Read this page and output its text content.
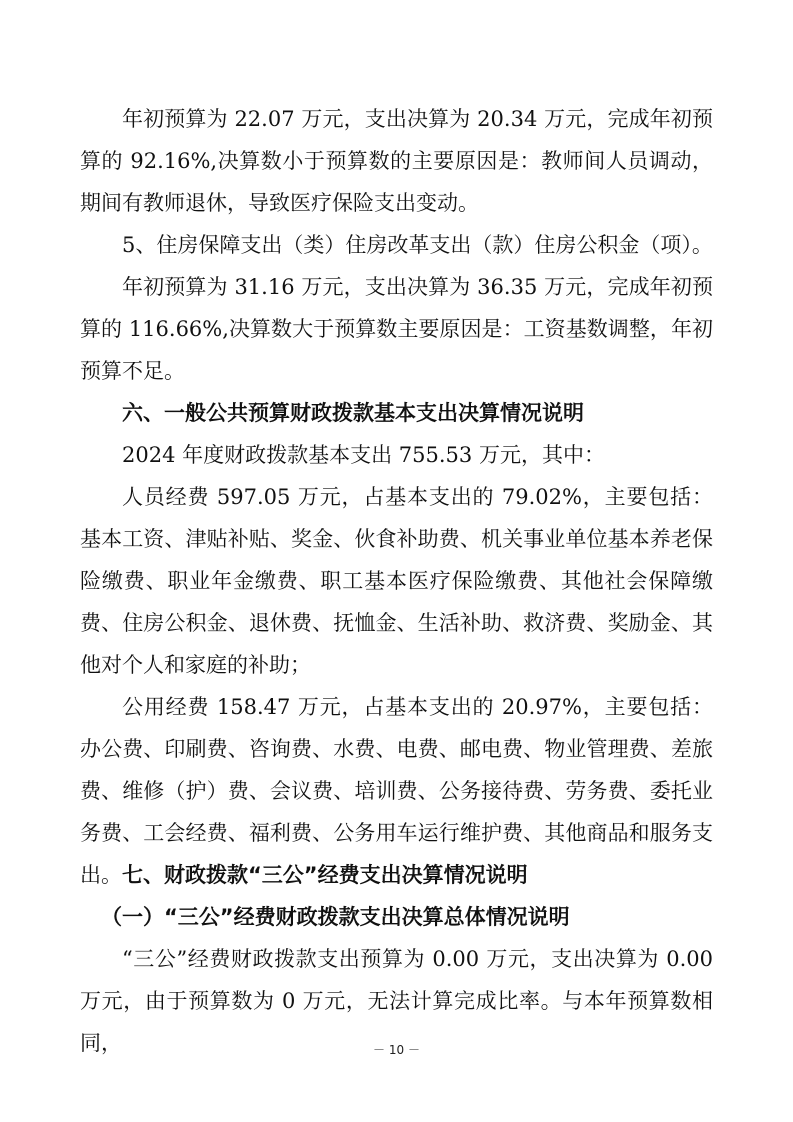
年初预算为 22.07 万元，支出决算为 20.34 万元，完成年初预算的 92.16%,决算数小于预算数的主要原因是：教师间人员调动，期间有教师退休，导致医疗保险支出变动。

5、住房保障支出（类）住房改革支出（款）住房公积金（项）。

年初预算为 31.16 万元，支出决算为 36.35 万元，完成年初预算的 116.66%,决算数大于预算数主要原因是：工资基数调整，年初预算不足。

六、一般公共预算财政拨款基本支出决算情况说明

2024 年度财政拨款基本支出 755.53 万元，其中：

人员经费 597.05 万元，占基本支出的 79.02%，主要包括：基本工资、津贴补贴、奖金、伙食补助费、机关事业单位基本养老保险缴费、职业年金缴费、职工基本医疗保险缴费、其他社会保障缴费、住房公积金、退休费、抚恤金、生活补助、救济费、奖励金、其他对个人和家庭的补助；

公用经费 158.47 万元，占基本支出的 20.97%，主要包括：办公费、印刷费、咨询费、水费、电费、邮电费、物业管理费、差旅费、维修（护）费、会议费、培训费、公务接待费、劳务费、委托业务费、工会经费、福利费、公务用车运行维护费、其他商品和服务支出。 七、财政拨款“三公”经费支出决算情况说明

（一）“三公”经费财政拨款支出决算总体情况说明

“三公”经费财政拨款支出预算为 0.00 万元，支出决算为 0.00 万元，由于预算数为 0 万元，无法计算完成比率。与本年预算数相同，	－ 10 －
